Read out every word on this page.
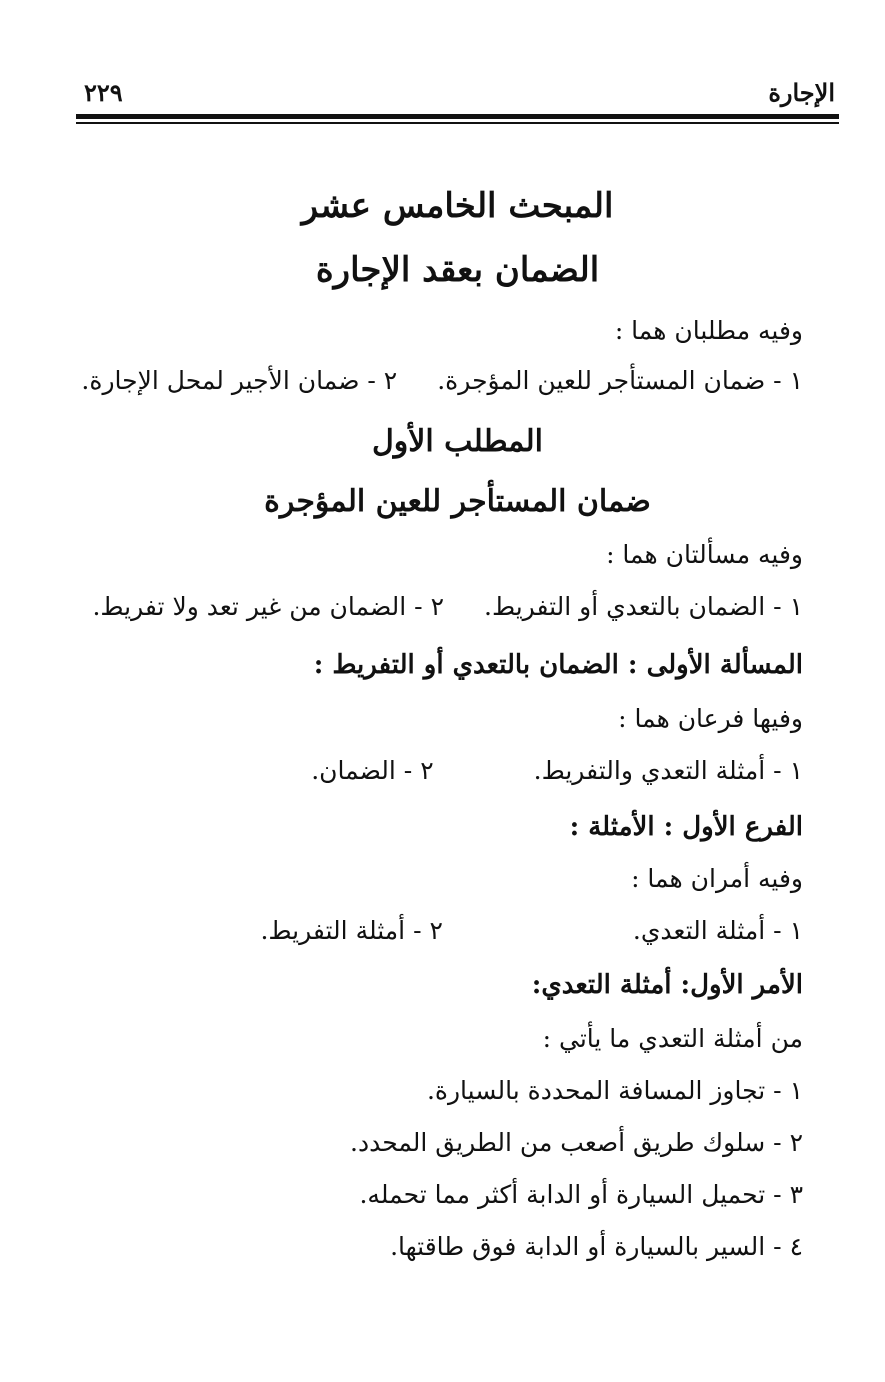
الإجارة
٢٢٩
المبحث الخامس عشر
الضمان بعقد الإجارة
وفيه مطلبان هما :
١ - ضمان المستأجر للعين المؤجرة.٢ - ضمان الأجير لمحل الإجارة.
المطلب الأول
ضمان المستأجر للعين المؤجرة
وفيه مسألتان هما :
١ - الضمان بالتعدي أو التفريط.٢ - الضمان من غير تعد ولا تفريط.
المسألة الأولى : الضمان بالتعدي أو التفريط :
وفيها فرعان هما :
١ - أمثلة التعدي والتفريط.٢ - الضمان.
الفرع الأول : الأمثلة :
وفيه أمران هما :
١ - أمثلة التعدي.٢ - أمثلة التفريط.
الأمر الأول: أمثلة التعدي:
من أمثلة التعدي ما يأتي :
١ - تجاوز المسافة المحددة بالسيارة.
٢ - سلوك طريق أصعب من الطريق المحدد.
٣ - تحميل السيارة أو الدابة أكثر مما تحمله.
٤ - السير بالسيارة أو الدابة فوق طاقتها.
